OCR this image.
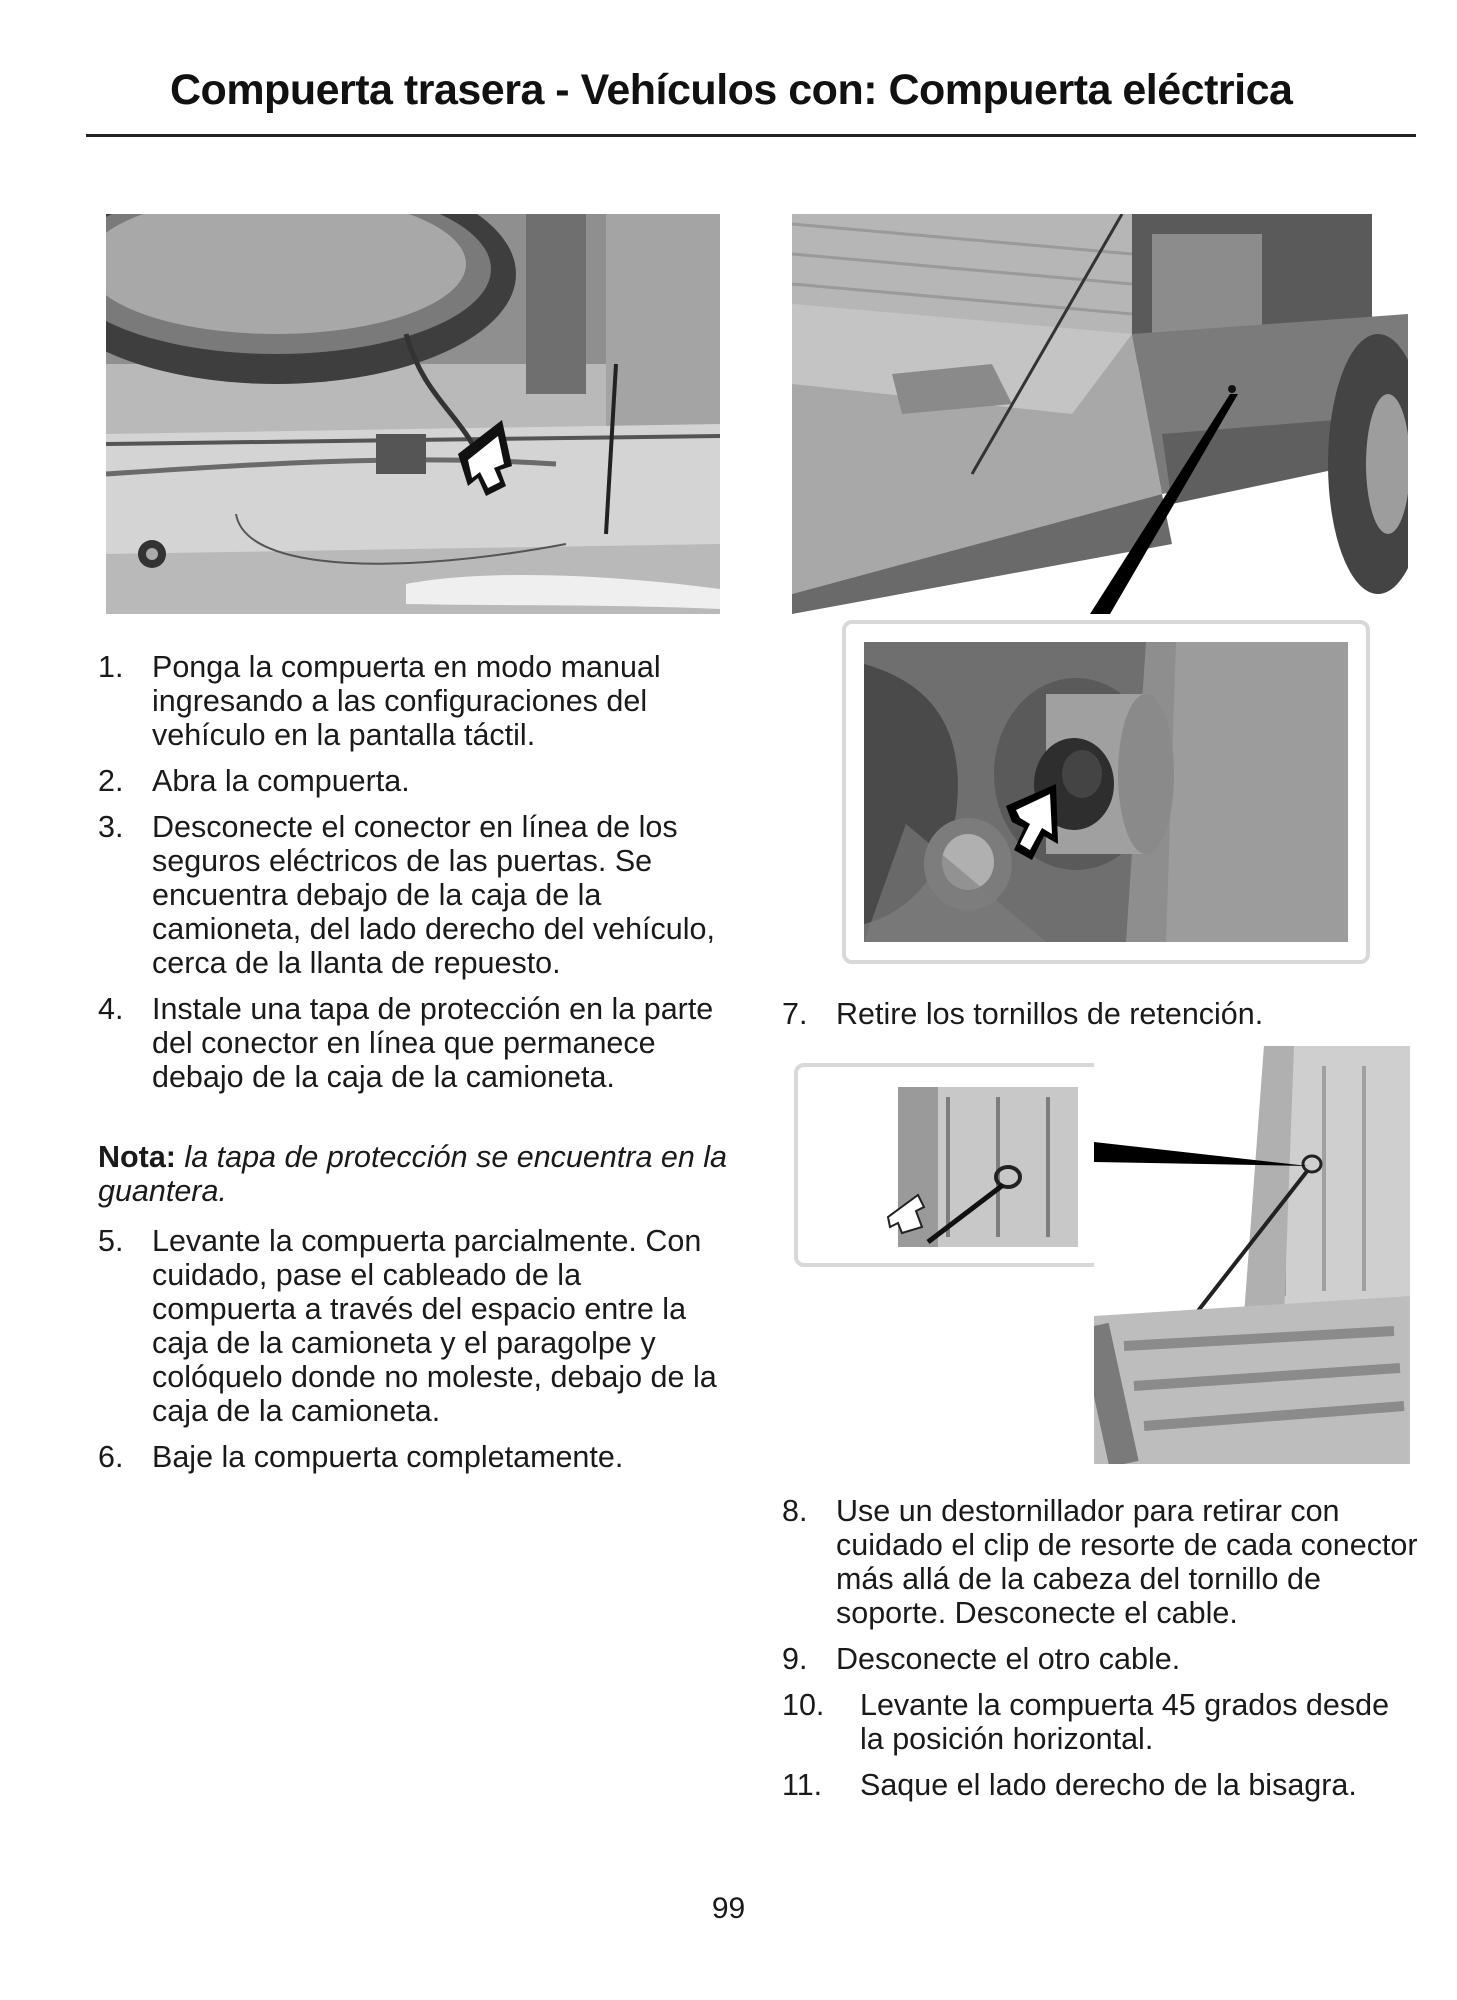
Compuerta trasera - Vehículos con: Compuerta eléctrica
1. Ponga la compuerta en modo manual ingresando a las configuraciones del vehículo en la pantalla táctil.
2. Abra la compuerta.
3. Desconecte el conector en línea de los seguros eléctricos de las puertas. Se encuentra debajo de la caja de la camioneta, del lado derecho del vehículo, cerca de la llanta de repuesto.
4. Instale una tapa de protección en la parte del conector en línea que permanece debajo de la caja de la camioneta.
Nota: la tapa de protección se encuentra en la guantera.
5. Levante la compuerta parcialmente. Con cuidado, pase el cableado de la compuerta a través del espacio entre la caja de la camioneta y el paragolpe y colóquelo donde no moleste, debajo de la caja de la camioneta.
6. Baje la compuerta completamente.
7. Retire los tornillos de retención.
8. Use un destornillador para retirar con cuidado el clip de resorte de cada conector más allá de la cabeza del tornillo de soporte. Desconecte el cable.
9. Desconecte el otro cable.
10.	Levante la compuerta 45 grados desde la posición horizontal.
11.	Saque el lado derecho de la bisagra.
99
